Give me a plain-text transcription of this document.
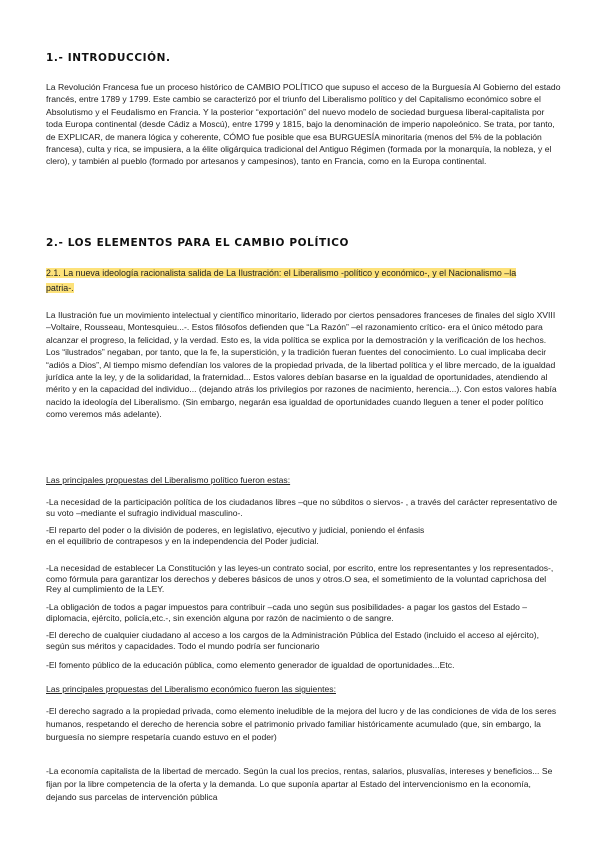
1.- INTRODUCCIÓN.

La Revolución Francesa fue un proceso histórico de CAMBIO POLÍTICO que supuso el acceso de la Burguesía Al Gobierno del estado francés, entre 1789 y 1799. Este cambio se caracterizó por el triunfo del Liberalismo político y del Capitalismo económico sobre el Absolutismo y el Feudalismo en Francia. Y la posterior “exportación” del nuevo modelo de sociedad burguesa liberal-capitalista por toda Europa continental (desde Cádiz a Moscú), entre 1799 y 1815, bajo la denominación de imperio napoleónico. Se trata, por tanto, de EXPLICAR, de manera lógica y coherente, CÓMO fue posible que esa BURGUESÍA minoritaria (menos del 5% de la población francesa), culta y rica, se impusiera, a la élite oligárquica tradicional del Antiguo Régimen (formada por la monarquía, la nobleza, y el clero), y también al pueblo (formado por artesanos y campesinos), tanto en Francia, como en la Europa continental.

2.- LOS ELEMENTOS PARA EL CAMBIO POLÍTICO

2.1. La nueva ideología racionalista salida de La Ilustración: el Liberalismo -político y económico-, y el Nacionalismo –la patria-.

La Ilustración fue un movimiento intelectual y científico minoritario, liderado por ciertos pensadores franceses de finales del siglo XVIII –Voltaire, Rousseau, Montesquieu...-. Estos filósofos defienden que “La Razón” –el razonamiento crítico- era el único método para alcanzar el progreso, la felicidad, y la verdad. Esto es, la vida política se explica por la demostración y la verificación de los hechos. Los “ilustrados” negaban, por tanto, que la fe, la superstición, y la tradición fueran fuentes del conocimiento. Lo cual implicaba decir “adiós a Dios”, Al tiempo mismo defendían los valores de la propiedad privada, de la libertad política y el libre mercado, de la igualdad jurídica ante la ley, y de la solidaridad, la fraternidad... Estos valores debían basarse en la igualdad de oportunidades, atendiendo al mérito y en la capacidad del individuo... (dejando atrás los privilegios por razones de nacimiento, herencia...). Con estos valores había nacido la ideología del Liberalismo. (Sin embargo, negarán esa igualdad de oportunidades cuando lleguen a tener el poder político como veremos más adelante).

Las principales propuestas del Liberalismo político fueron estas:

-La necesidad de la participación política de los ciudadanos libres –que no súbditos o siervos- , a través del carácter representativo de su voto –mediante el sufragio individual masculino-.

-El reparto del poder o la división de poderes, en legislativo, ejecutivo y judicial, poniendo el énfasis en el equilibrio de contrapesos y en la independencia del Poder judicial.

-La necesidad de establecer La Constitución y las leyes-un contrato social, por escrito, entre los representantes y los representados-, como fórmula para garantizar los derechos y deberes básicos de unos y otros.O sea, el sometimiento de la voluntad caprichosa del Rey al cumplimiento de la LEY.

-La obligación de todos a pagar impuestos para contribuir –cada uno según sus posibilidades- a pagar los gastos del Estado –diplomacia, ejército, policía,etc.-, sin exención alguna por razón de nacimiento o de sangre.

-El derecho de cualquier ciudadano al acceso a los cargos de la Administración Pública del Estado (incluido el acceso al ejército), según sus méritos y capacidades. Todo el mundo podría ser funcionario

-El fomento público de la educación pública, como elemento generador de igualdad de oportunidades...Etc.

Las principales propuestas del Liberalismo económico fueron las siguientes:

-El derecho sagrado a la propiedad privada, como elemento ineludible de la mejora del lucro y de las condiciones de vida de los seres humanos, respetando el derecho de herencia sobre el patrimonio privado familiar históricamente acumulado (que, sin embargo, la burguesía no siempre respetaría cuando estuvo en el poder)

-La economía capitalista de la libertad de mercado. Según la cual los precios, rentas, salarios, plusvalías, intereses y beneficios... Se fijan por la libre competencia de la oferta y la demanda. Lo que suponía apartar al Estado del intervencionismo en la economía, dejando sus parcelas de intervención pública
